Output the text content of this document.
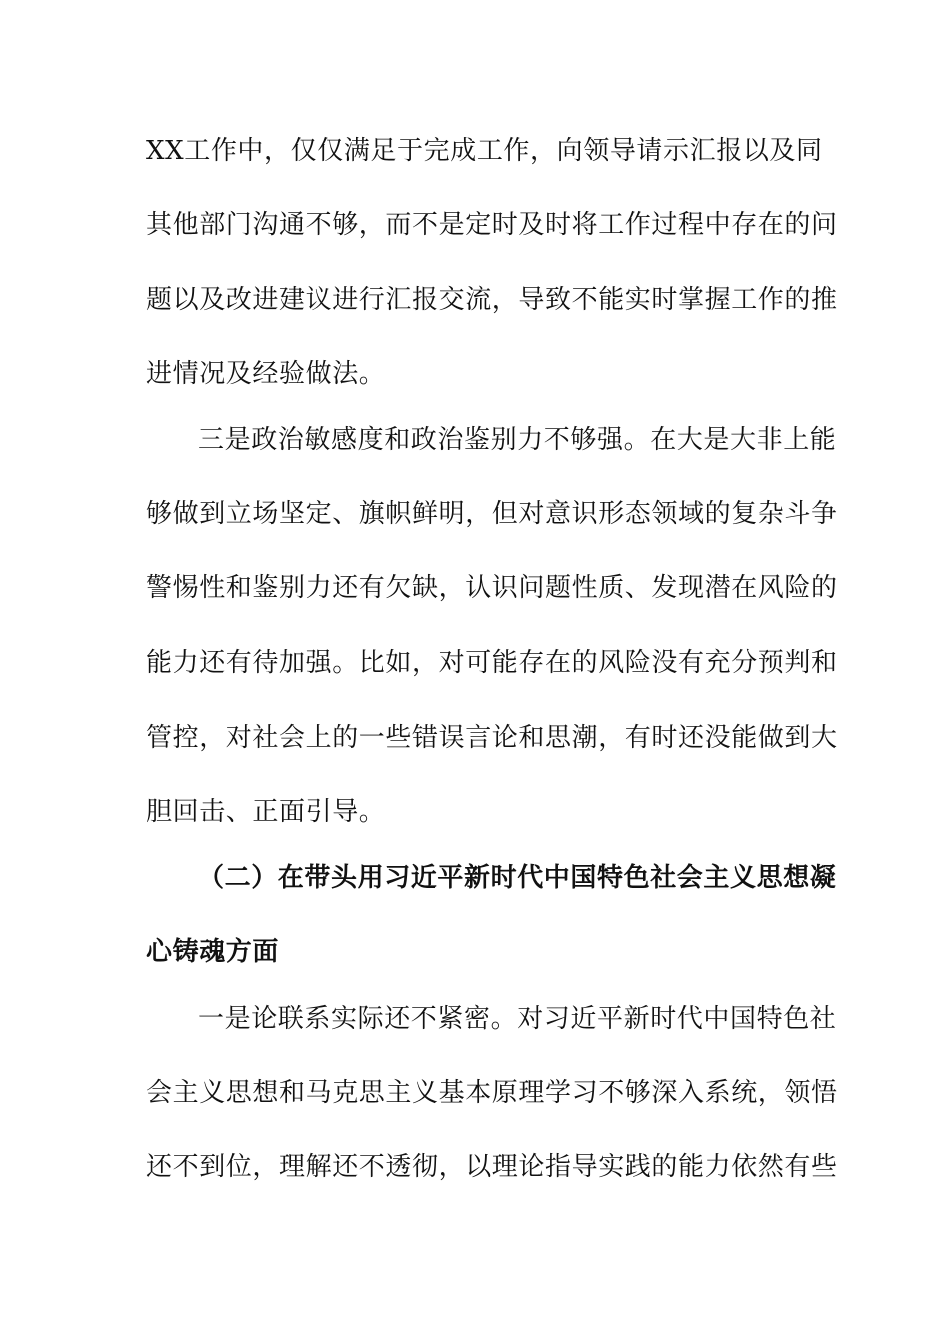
XX工作中，仅仅满足于完成工作，向领导请示汇报以及同
其他部门沟通不够，而不是定时及时将工作过程中存在的问
题以及改进建议进行汇报交流，导致不能实时掌握工作的推
进情况及经验做法。
三是政治敏感度和政治鉴别力不够强。在大是大非上能
够做到立场坚定、旗帜鲜明，但对意识形态领域的复杂斗争
警惕性和鉴别力还有欠缺，认识问题性质、发现潜在风险的
能力还有待加强。比如，对可能存在的风险没有充分预判和
管控，对社会上的一些错误言论和思潮，有时还没能做到大
胆回击、正面引导。
（二）在带头用习近平新时代中国特色社会主义思想凝
心铸魂方面
一是论联系实际还不紧密。对习近平新时代中国特色社
会主义思想和马克思主义基本原理学习不够深入系统，领悟
还不到位，理解还不透彻，以理论指导实践的能力依然有些
